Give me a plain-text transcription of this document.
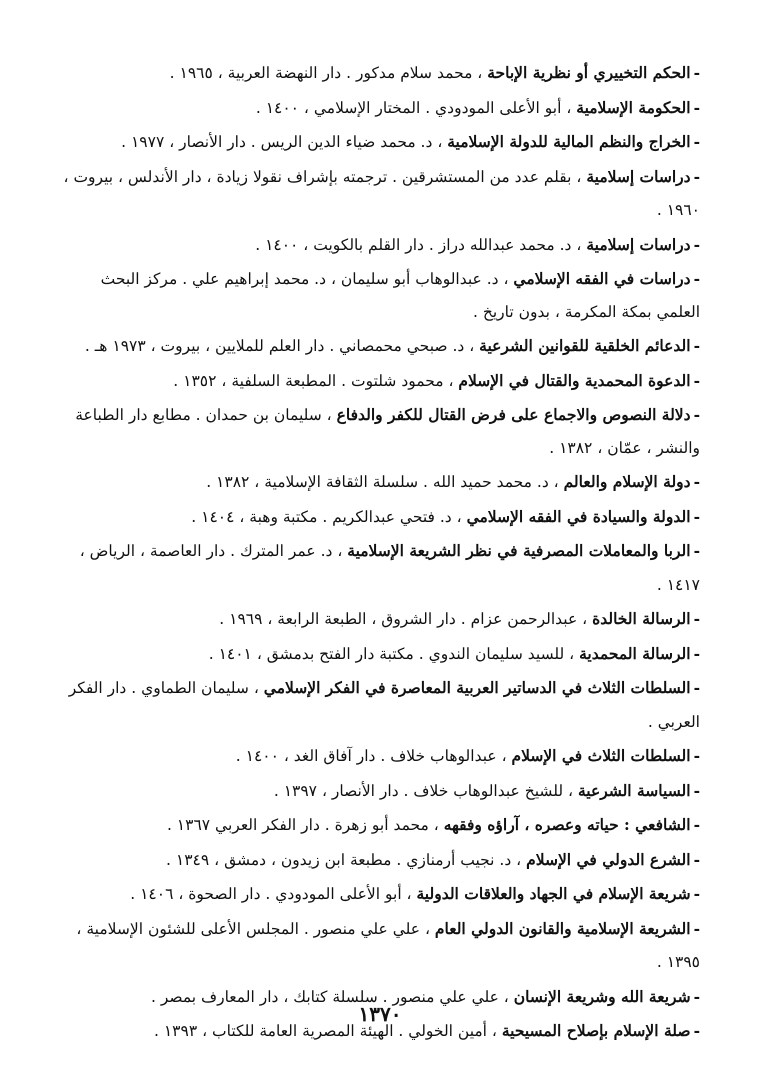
-الحكم التخييري أو نظرية الإباحة ، محمد سلام مدكور . دار النهضة العربية ، ١٩٦٥ .
-الحكومة الإسلامية ، أبو الأعلى المودودي . المختار الإسلامي ، ١٤٠٠ .
-الخراج والنظم المالية للدولة الإسلامية ، د. محمد ضياء الدين الريس . دار الأنصار ، ١٩٧٧ .
-دراسات إسلامية ، بقلم عدد من المستشرقين . ترجمته بإشراف نقولا زيادة ، دار الأندلس ، بيروت ، ١٩٦٠ .
-دراسات إسلامية ، د. محمد عبدالله دراز . دار القلم بالكويت ، ١٤٠٠ .
-دراسات في الفقه الإسلامي ، د. عبدالوهاب أبو سليمان ، د. محمد إبراهيم علي . مركز البحث العلمي بمكة المكرمة ، بدون تاريخ .
-الدعائم الخلقية للقوانين الشرعية ، د. صبحي محمصاني . دار العلم للملايين ، بيروت ، ١٩٧٣ هـ .
-الدعوة المحمدية والقتال في الإسلام ، محمود شلتوت . المطبعة السلفية ، ١٣٥٢ .
-دلالة النصوص والاجماع على فرض القتال للكفر والدفاع ، سليمان بن حمدان . مطابع دار الطباعة والنشر ، عمّان ، ١٣٨٢ .
-دولة الإسلام والعالم ، د. محمد حميد الله . سلسلة الثقافة الإسلامية ، ١٣٨٢ .
-الدولة والسيادة في الفقه الإسلامي ، د. فتحي عبدالكريم . مكتبة وهبة ، ١٤٠٤ .
-الربا والمعاملات المصرفية في نظر الشريعة الإسلامية ، د. عمر المترك . دار العاصمة ، الرياض ، ١٤١٧ .
-الرسالة الخالدة ، عبدالرحمن عزام . دار الشروق ، الطبعة الرابعة ، ١٩٦٩ .
-الرسالة المحمدية ، للسيد سليمان الندوي . مكتبة دار الفتح بدمشق ، ١٤٠١ .
-السلطات الثلاث في الدساتير العربية المعاصرة في الفكر الإسلامي ، سليمان الطماوي . دار الفكر العربي .
-السلطات الثلاث في الإسلام ، عبدالوهاب خلاف . دار آفاق الغد ، ١٤٠٠ .
-السياسة الشرعية ، للشيخ عبدالوهاب خلاف . دار الأنصار ، ١٣٩٧ .
-الشافعي : حياته وعصره ، آراؤه وفقهه ، محمد أبو زهرة . دار الفكر العربي ١٣٦٧ .
-الشرع الدولي في الإسلام ، د. نجيب أرمنازي . مطبعة ابن زيدون ، دمشق ، ١٣٤٩ .
-شريعة الإسلام في الجهاد والعلاقات الدولية ، أبو الأعلى المودودي . دار الصحوة ، ١٤٠٦ .
-الشريعة الإسلامية والقانون الدولي العام ، علي علي منصور . المجلس الأعلى للشئون الإسلامية ، ١٣٩٥ .
-شريعة الله وشريعة الإنسان ، علي علي منصور . سلسلة كتابك ، دار المعارف بمصر .
-صلة الإسلام بإصلاح المسيحية ، أمين الخولي . الهيئة المصرية العامة للكتاب ، ١٣٩٣ .
١٣٧٠
